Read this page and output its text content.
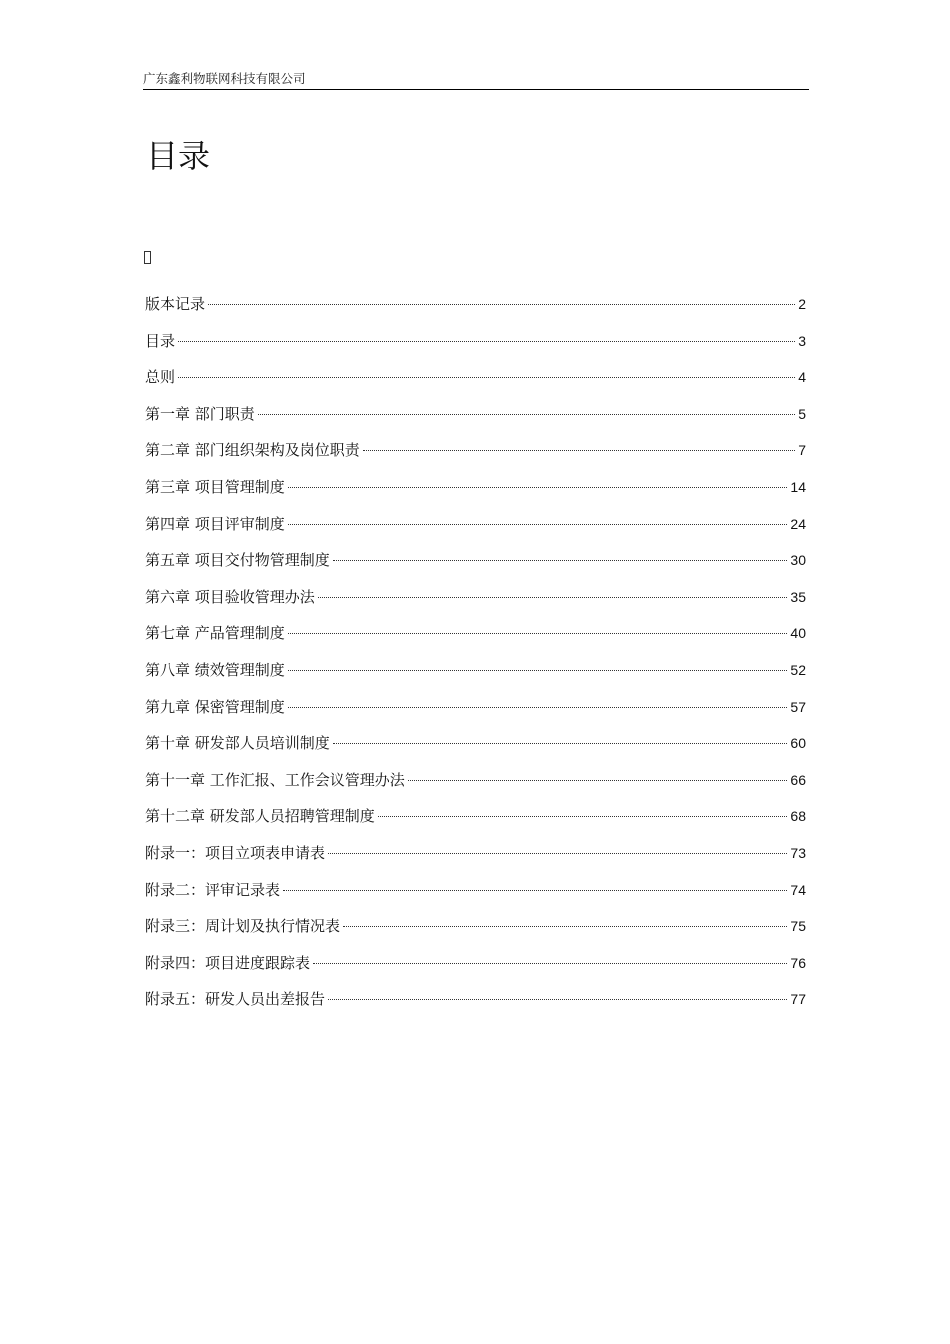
广东鑫利物联网科技有限公司
目录
版本记录	2
目录	3
总则	4
第一章 部门职责	5
第二章 部门组织架构及岗位职责	7
第三章 项目管理制度	14
第四章 项目评审制度	24
第五章 项目交付物管理制度	30
第六章 项目验收管理办法	35
第七章 产品管理制度	40
第八章 绩效管理制度	52
第九章 保密管理制度	57
第十章 研发部人员培训制度	60
第十一章 工作汇报、工作会议管理办法	66
第十二章 研发部人员招聘管理制度	68
附录一：项目立项表申请表	73
附录二：评审记录表	74
附录三：周计划及执行情况表	75
附录四：项目进度跟踪表	76
附录五：研发人员出差报告	77
